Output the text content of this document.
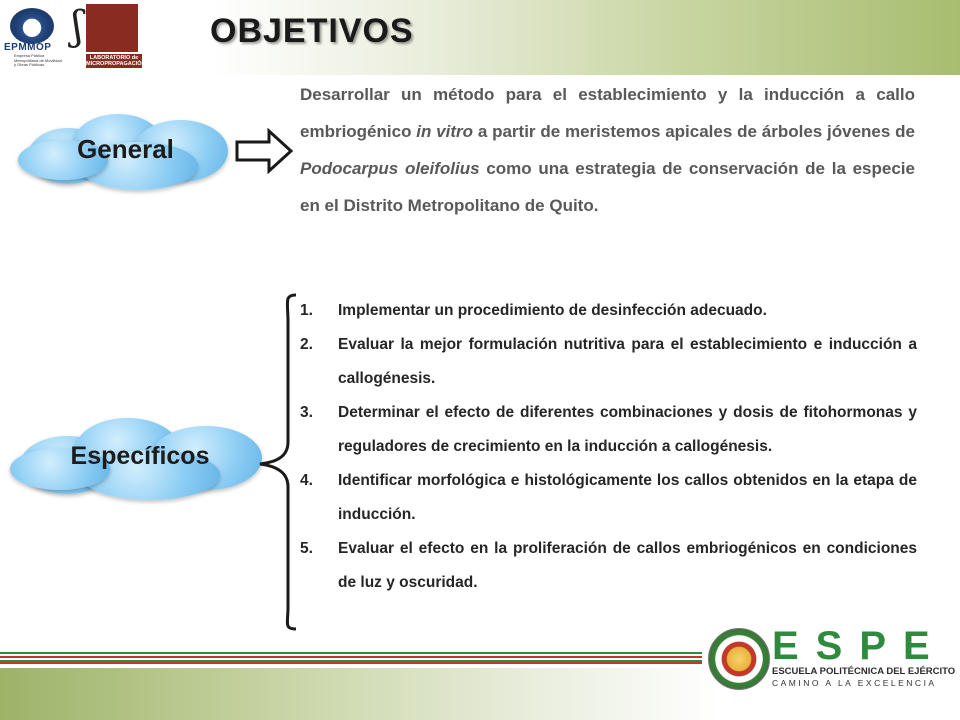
EPMMOP
Empresa Pública Metropolitana de Movilidad y Obras Públicas
ʃ
LABORATORIO de MICROPROPAGACIÓN
OBJETIVOS
General
Desarrollar un método para el establecimiento y la inducción a callo embriogénico in vitro a partir de meristemos apicales de árboles jóvenes de Podocarpus oleifolius como una estrategia de conservación de la especie en el Distrito Metropolitano de Quito.
Específicos
1. Implementar un procedimiento de desinfección adecuado.
2. Evaluar la mejor formulación nutritiva para el establecimiento e inducción a callogénesis.
3. Determinar el efecto de diferentes combinaciones y dosis de fitohormonas y reguladores de crecimiento en la inducción a callogénesis.
4. Identificar morfológica e histológicamente los callos obtenidos en la etapa de inducción.
5. Evaluar el efecto en la proliferación de callos embriogénicos en condiciones de luz y oscuridad.
ESPE
ESCUELA POLITÉCNICA DEL EJÉRCITO
CAMINO A LA EXCELENCIA
